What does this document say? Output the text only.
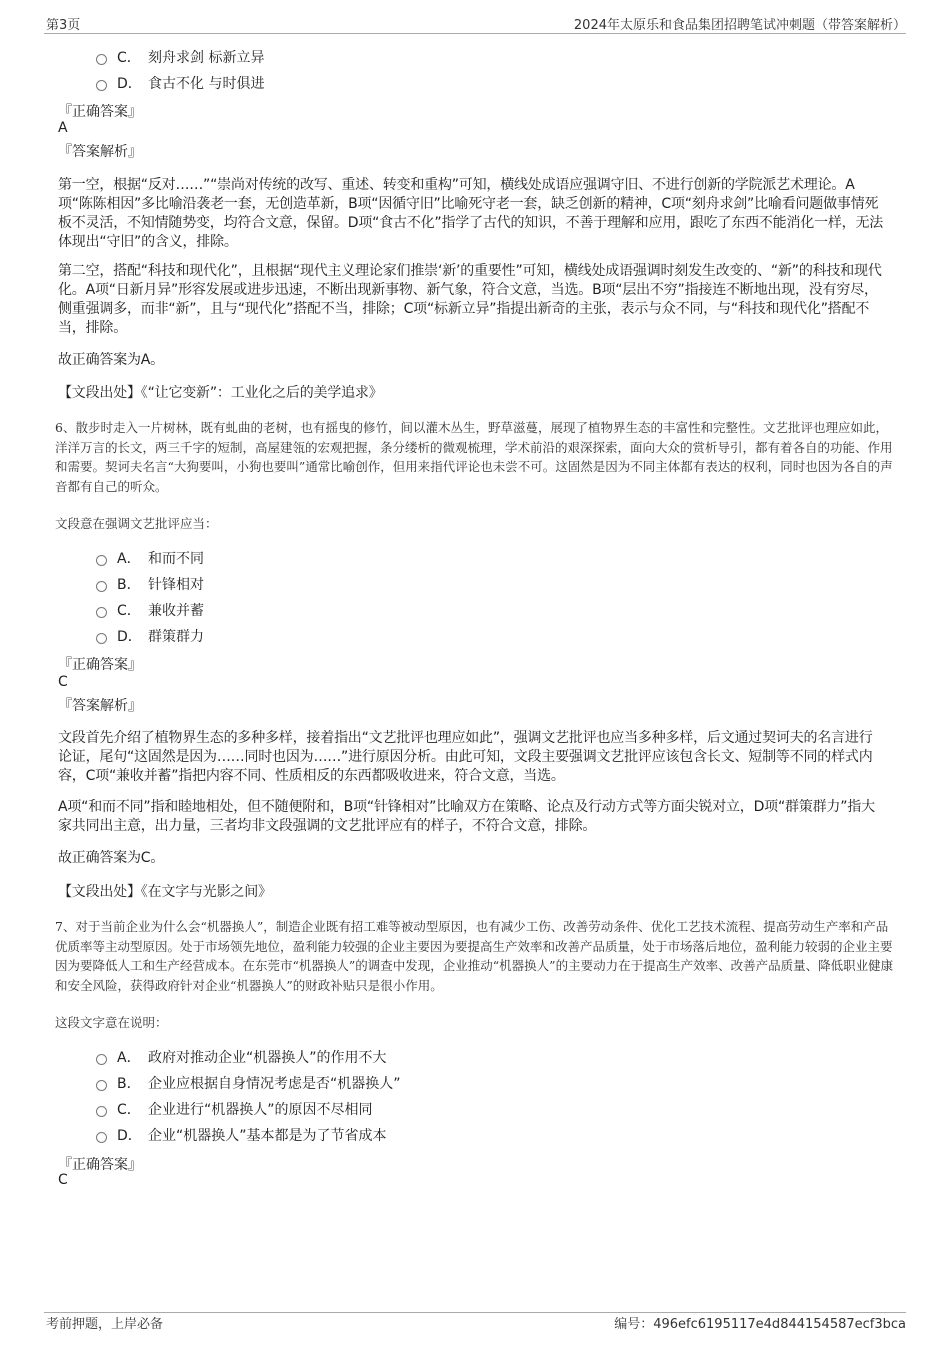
第3页	2024年太原乐和食品集团招聘笔试冲刺题（带答案解析）
C． 刻舟求剑 标新立异
D． 食古不化 与时俱进
『正确答案』
A
『答案解析』
第一空，根据“反对……”“崇尚对传统的改写、重述、转变和重构”可知，横线处成语应强调守旧、不进行创新的学院派艺术理论。A项“陈陈相因”多比喻沿袭老一套，无创造革新，B项“因循守旧”比喻死守老一套，缺乏创新的精神，C项“刻舟求剑”比喻看问题做事情死板不灵活，不知情随势变，均符合文意，保留。D项“食古不化”指学了古代的知识，不善于理解和应用，跟吃了东西不能消化一样，无法体现出“守旧”的含义，排除。
第二空，搭配“科技和现代化”，且根据“现代主义理论家们推崇‘新’的重要性”可知，横线处成语强调时刻发生改变的、“新”的科技和现代化。A项“日新月异”形容发展或进步迅速，不断出现新事物、新气象，符合文意，当选。B项“层出不穷”指接连不断地出现，没有穷尽，侧重强调多，而非“新”，且与“现代化”搭配不当，排除；C项“标新立异”指提出新奇的主张，表示与众不同，与“科技和现代化”搭配不当，排除。
故正确答案为A。
【文段出处】《“让它变新”：工业化之后的美学追求》
6、散步时走入一片树林，既有虬曲的老树，也有摇曳的修竹，间以灌木丛生，野草滋蔓，展现了植物界生态的丰富性和完整性。文艺批评也理应如此，洋洋万言的长文，两三千字的短制，高屋建瓴的宏观把握，条分缕析的微观梳理，学术前沿的艰深探索，面向大众的赏析导引，都有着各自的功能、作用和需要。契诃夫名言“大狗要叫，小狗也要叫”通常比喻创作，但用来指代评论也未尝不可。这固然是因为不同主体都有表达的权利，同时也因为各自的声音都有自己的听众。
文段意在强调文艺批评应当：
A． 和而不同
B． 针锋相对
C． 兼收并蓄
D． 群策群力
『正确答案』
C
『答案解析』
文段首先介绍了植物界生态的多种多样，接着指出“文艺批评也理应如此”，强调文艺批评也应当多种多样，后文通过契诃夫的名言进行论证，尾句“这固然是因为……同时也因为……”进行原因分析。由此可知，文段主要强调文艺批评应该包含长文、短制等不同的样式内容，C项“兼收并蓄”指把内容不同、性质相反的东西都吸收进来，符合文意，当选。
A项“和而不同”指和睦地相处，但不随便附和，B项“针锋相对”比喻双方在策略、论点及行动方式等方面尖锐对立，D项“群策群力”指大家共同出主意，出力量，三者均非文段强调的文艺批评应有的样子，不符合文意，排除。
故正确答案为C。
【文段出处】《在文字与光影之间》
7、对于当前企业为什么会“机器换人”，制造企业既有招工难等被动型原因，也有减少工伤、改善劳动条件、优化工艺技术流程、提高劳动生产率和产品优质率等主动型原因。处于市场领先地位，盈利能力较强的企业主要因为要提高生产效率和改善产品质量，处于市场落后地位，盈利能力较弱的企业主要因为要降低人工和生产经营成本。在东莞市“机器换人”的调查中发现，企业推动“机器换人”的主要动力在于提高生产效率、改善产品质量、降低职业健康和安全风险，获得政府针对企业“机器换人”的财政补贴只是很小作用。
这段文字意在说明：
A． 政府对推动企业“机器换人”的作用不大
B． 企业应根据自身情况考虑是否“机器换人”
C． 企业进行“机器换人”的原因不尽相同
D． 企业“机器换人”基本都是为了节省成本
『正确答案』
C
考前押题，上岸必备	编号：496efc6195117e4d844154587ecf3bca
